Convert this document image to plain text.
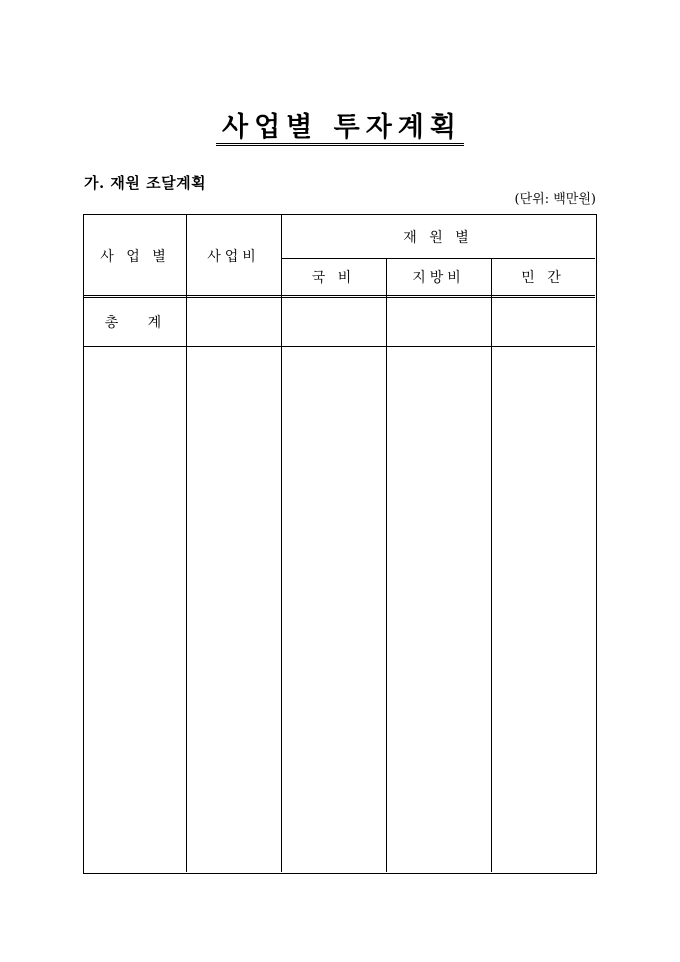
사업별 투자계획
가. 재원 조달계획
(단위: 백만원)
사 업 별	사업비
재 원 별
국 비	지방비	민 간
총   계
